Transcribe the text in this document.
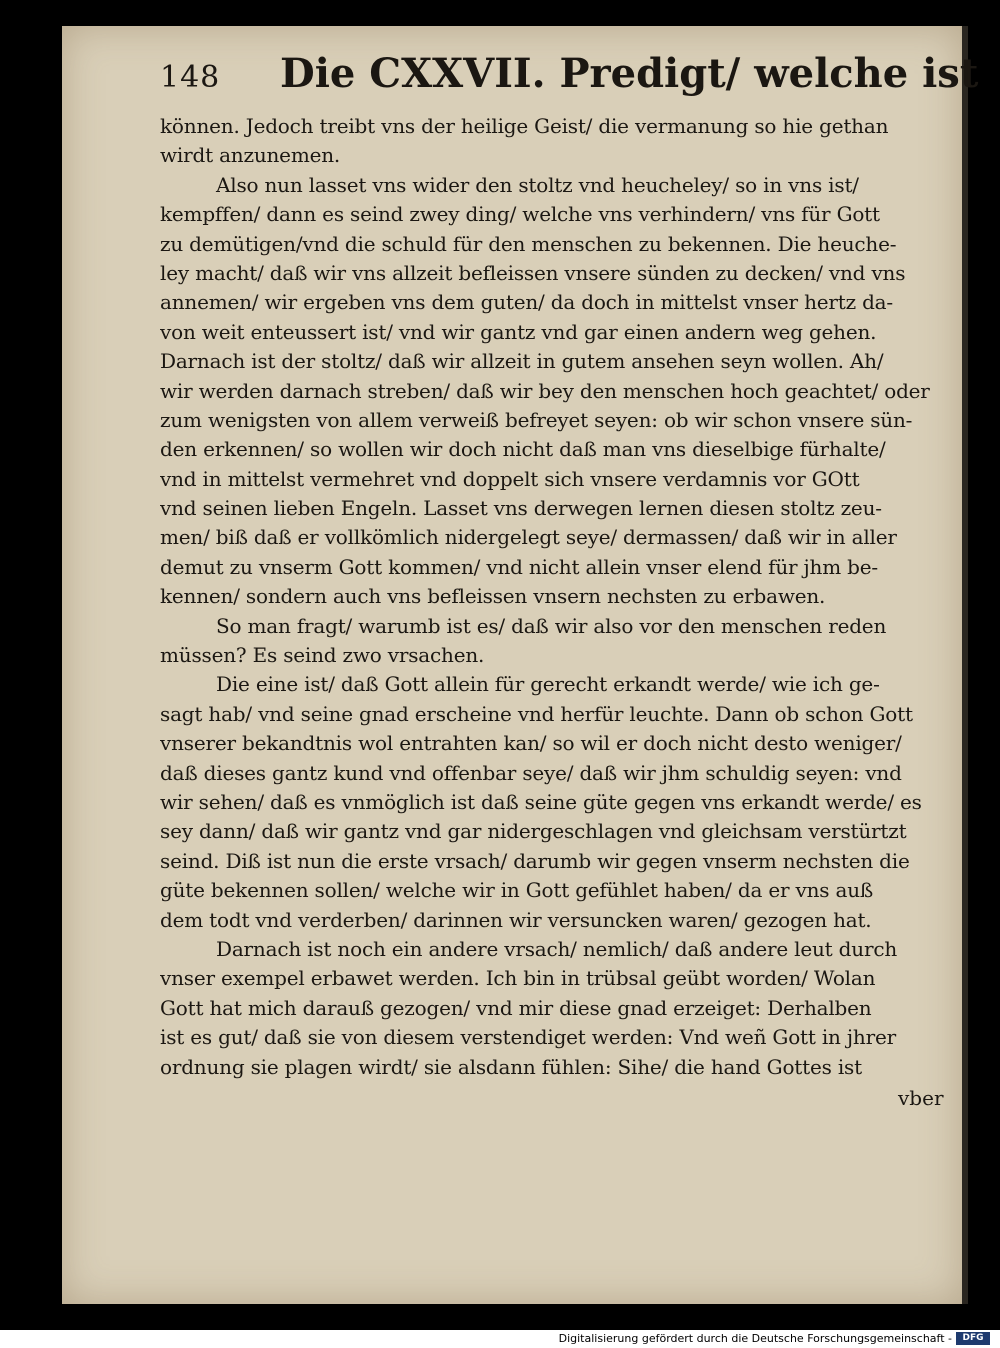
148 Die CXXVII. Predigt/ welche ist
können. Jedoch treibt vns der heilige Geist/ die vermanung so hie gethan
wirdt anzunemen.
Also nun lasset vns wider den stoltz vnd heucheley/ so in vns ist/
kempffen/ dann es seind zwey ding/ welche vns verhindern/ vns für Gott
zu demütigen/vnd die schuld für den menschen zu bekennen. Die heuche-
ley macht/ daß wir vns allzeit befleissen vnsere sünden zu decken/ vnd vns
annemen/ wir ergeben vns dem guten/ da doch in mittelst vnser hertz da-
von weit enteussert ist/ vnd wir gantz vnd gar einen andern weg gehen.
Darnach ist der stoltz/ daß wir allzeit in gutem ansehen seyn wollen. Ah/
wir werden darnach streben/ daß wir bey den menschen hoch geachtet/ oder
zum wenigsten von allem verweiß befreyet seyen: ob wir schon vnsere sün-
den erkennen/ so wollen wir doch nicht daß man vns dieselbige fürhalte/
vnd in mittelst vermehret vnd doppelt sich vnsere verdamnis vor GOtt
vnd seinen lieben Engeln. Lasset vns derwegen lernen diesen stoltz zeu-
men/ biß daß er vollkömlich nidergelegt seye/ dermassen/ daß wir in aller
demut zu vnserm Gott kommen/ vnd nicht allein vnser elend für jhm be-
kennen/ sondern auch vns befleissen vnsern nechsten zu erbawen.
So man fragt/ warumb ist es/ daß wir also vor den menschen reden
müssen? Es seind zwo vrsachen.
Die eine ist/ daß Gott allein für gerecht erkandt werde/ wie ich ge-
sagt hab/ vnd seine gnad erscheine vnd herfür leuchte. Dann ob schon Gott
vnserer bekandtnis wol entrahten kan/ so wil er doch nicht desto weniger/
daß dieses gantz kund vnd offenbar seye/ daß wir jhm schuldig seyen: vnd
wir sehen/ daß es vnmöglich ist daß seine güte gegen vns erkandt werde/ es
sey dann/ daß wir gantz vnd gar nidergeschlagen vnd gleichsam verstürtzt
seind. Diß ist nun die erste vrsach/ darumb wir gegen vnserm nechsten die
güte bekennen sollen/ welche wir in Gott gefühlet haben/ da er vns auß
dem todt vnd verderben/ darinnen wir versuncken waren/ gezogen hat.
Darnach ist noch ein andere vrsach/ nemlich/ daß andere leut durch
vnser exempel erbawet werden. Ich bin in trübsal geübt worden/ Wolan
Gott hat mich darauß gezogen/ vnd mir diese gnad erzeiget: Derhalben
ist es gut/ daß sie von diesem verstendiget werden: Vnd weñ Gott in jhrer
ordnung sie plagen wirdt/ sie alsdann fühlen: Sihe/ die hand Gottes ist
vber
Digitalisierung gefördert durch die Deutsche Forschungsgemeinschaft -	DFG
